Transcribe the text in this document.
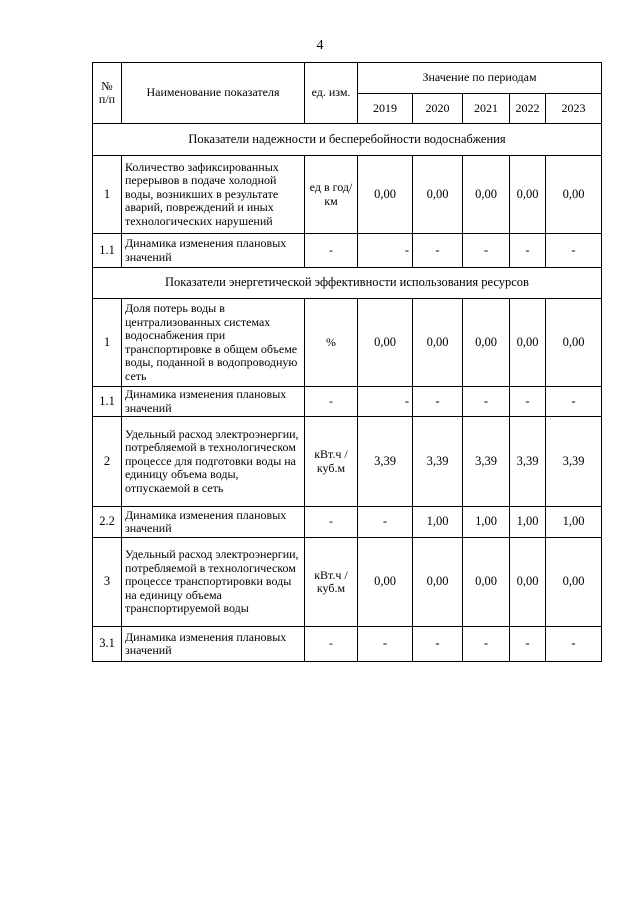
4
№ п/п	Наименование показателя	ед. изм.	Значение по периодам				
			2019	2020	2021	2022	2023
Показатели надежности и бесперебойности водоснабжения							
1	Количество зафиксированных перерывов в подаче холодной воды, возникших в результате аварий, повреждений и иных технологических нарушений	ед в год/ км	0,00	0,00	0,00	0,00	0,00
1.1	Динамика изменения плановых значений	-	-	-	-	-	-
Показатели энергетической эффективности использования ресурсов							
1	Доля потерь воды в централизованных системах водоснабжения при транспортировке в общем объеме воды, поданной в водопроводную сеть	%	0,00	0,00	0,00	0,00	0,00
1.1	Динамика изменения плановых значений	-	-	-	-	-	-
2	Удельный расход электроэнергии, потребляемой в технологическом процессе для подготовки воды на единицу объема воды, отпускаемой в сеть	кВт.ч / куб.м	3,39	3,39	3,39	3,39	3,39
2.2	Динамика изменения плановых значений	-	-	1,00	1,00	1,00	1,00
3	Удельный расход электроэнергии, потребляемой в технологическом процессе транспортировки воды на единицу объема транспортируемой воды	кВт.ч / куб.м	0,00	0,00	0,00	0,00	0,00
3.1	Динамика изменения плановых значений	-	-	-	-	-	-
